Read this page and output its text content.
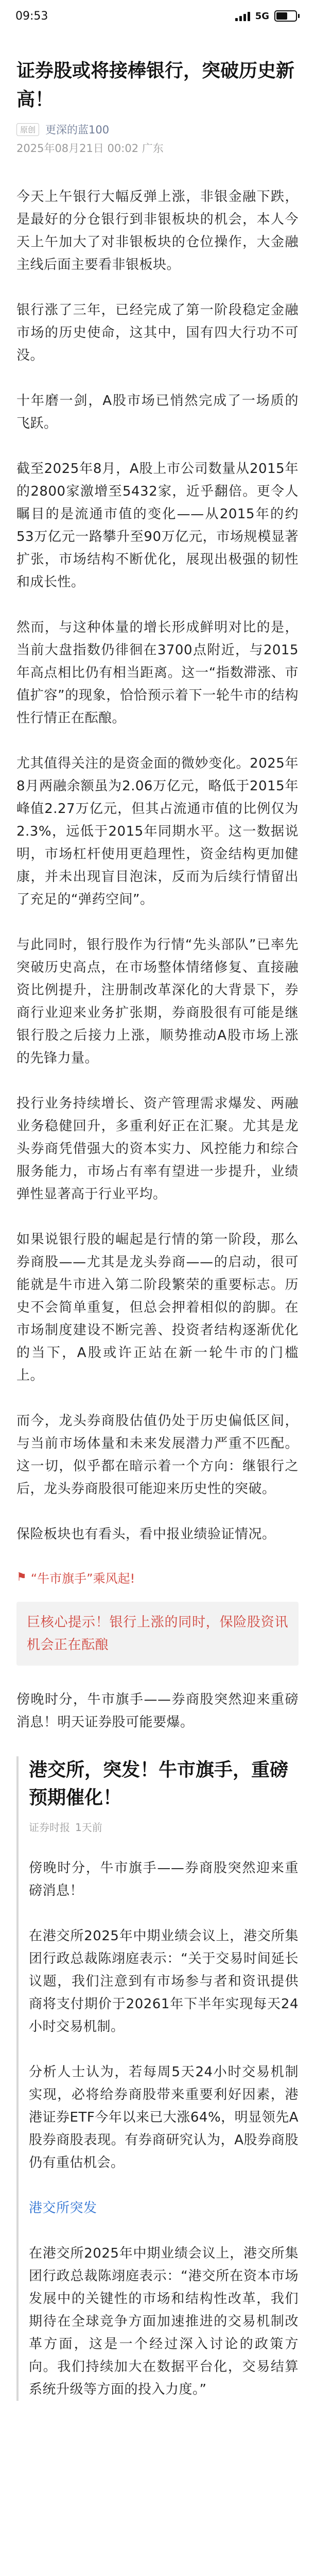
09:53	5G
证券股或将接棒银行，突破历史新高！
原创 更深的蓝100
2025年08月21日 00:02 广东

今天上午银行大幅反弹上涨，非银金融下跌，是最好的分仓银行到非银板块的机会，本人今天上午加大了对非银板块的仓位操作，大金融主线后面主要看非银板块。

银行涨了三年，已经完成了第一阶段稳定金融市场的历史使命，这其中，国有四大行功不可没。

十年磨一剑，A股市场已悄然完成了一场质的飞跃。

截至2025年8月，A股上市公司数量从2015年的2800家激增至5432家，近乎翻倍。更令人瞩目的是流通市值的变化——从2015年的约53万亿元一路攀升至90万亿元，市场规模显著扩张，市场结构不断优化，展现出极强的韧性和成长性。

然而，与这种体量的增长形成鲜明对比的是，当前大盘指数仍徘徊在3700点附近，与2015年高点相比仍有相当距离。这一“指数滞涨、市值扩容”的现象，恰恰预示着下一轮牛市的结构性行情正在酝酿。

尤其值得关注的是资金面的微妙变化。2025年8月两融余额虽为2.06万亿元，略低于2015年峰值2.27万亿元，但其占流通市值的比例仅为2.3%，远低于2015年同期水平。这一数据说明，市场杠杆使用更趋理性，资金结构更加健康，并未出现盲目泡沫，反而为后续行情留出了充足的“弹药空间”。

与此同时，银行股作为行情“先头部队”已率先突破历史高点，在市场整体情绪修复、直接融资比例提升，注册制改革深化的大背景下，券商行业迎来业务扩张期，券商股很有可能是继银行股之后接力上涨，顺势推动A股市场上涨的先锋力量。

投行业务持续增长、资产管理需求爆发、两融业务稳健回升，多重利好正在汇聚。尤其是龙头券商凭借强大的资本实力、风控能力和综合服务能力，市场占有率有望进一步提升，业绩弹性显著高于行业平均。

如果说银行股的崛起是行情的第一阶段，那么券商股——尤其是龙头券商——的启动，很可能就是牛市进入第二阶段繁荣的重要标志。历史不会简单重复，但总会押着相似的韵脚。在市场制度建设不断完善、投资者结构逐渐优化的当下，A股或许正站在新一轮牛市的门槛上。

而今，龙头券商股估值仍处于历史偏低区间，与当前市场体量和未来发展潜力严重不匹配。这一切，似乎都在暗示着一个方向：继银行之后，龙头券商股很可能迎来历史性的突破。

保险板块也有看头，看中报业绩验证情况。

⚑ “牛市旗手”乘风起!

巨核心提示！银行上涨的同时，保险股资讯机会正在酝酿

傍晚时分，牛市旗手——券商股突然迎来重磅消息！明天证券股可能要爆。

港交所，突发！牛市旗手，重磅预期催化！
证券时报 1天前

傍晚时分，牛市旗手——券商股突然迎来重磅消息！

在港交所2025年中期业绩会议上，港交所集团行政总裁陈翊庭表示：“关于交易时间延长议题，我们注意到有市场参与者和资讯提供商将支付期价于20261年下半年实现每天24小时交易机制。

分析人士认为，若每周5天24小时交易机制实现，必将给券商股带来重要利好因素，港港证券ETF今年以来已大涨64%，明显领先A股券商股表现。有券商研究认为，A股券商股仍有重估机会。

港交所突发

在港交所2025年中期业绩会议上，港交所集团行政总裁陈翊庭表示：“港交所在资本市场发展中的关键性的市场和结构性改革，我们期待在全球竞争方面加速推进的交易机制改革方面，这是一个经过深入讨论的政策方向。我们持续加大在数据平台化，交易结算系统升级等方面的投入力度。”
